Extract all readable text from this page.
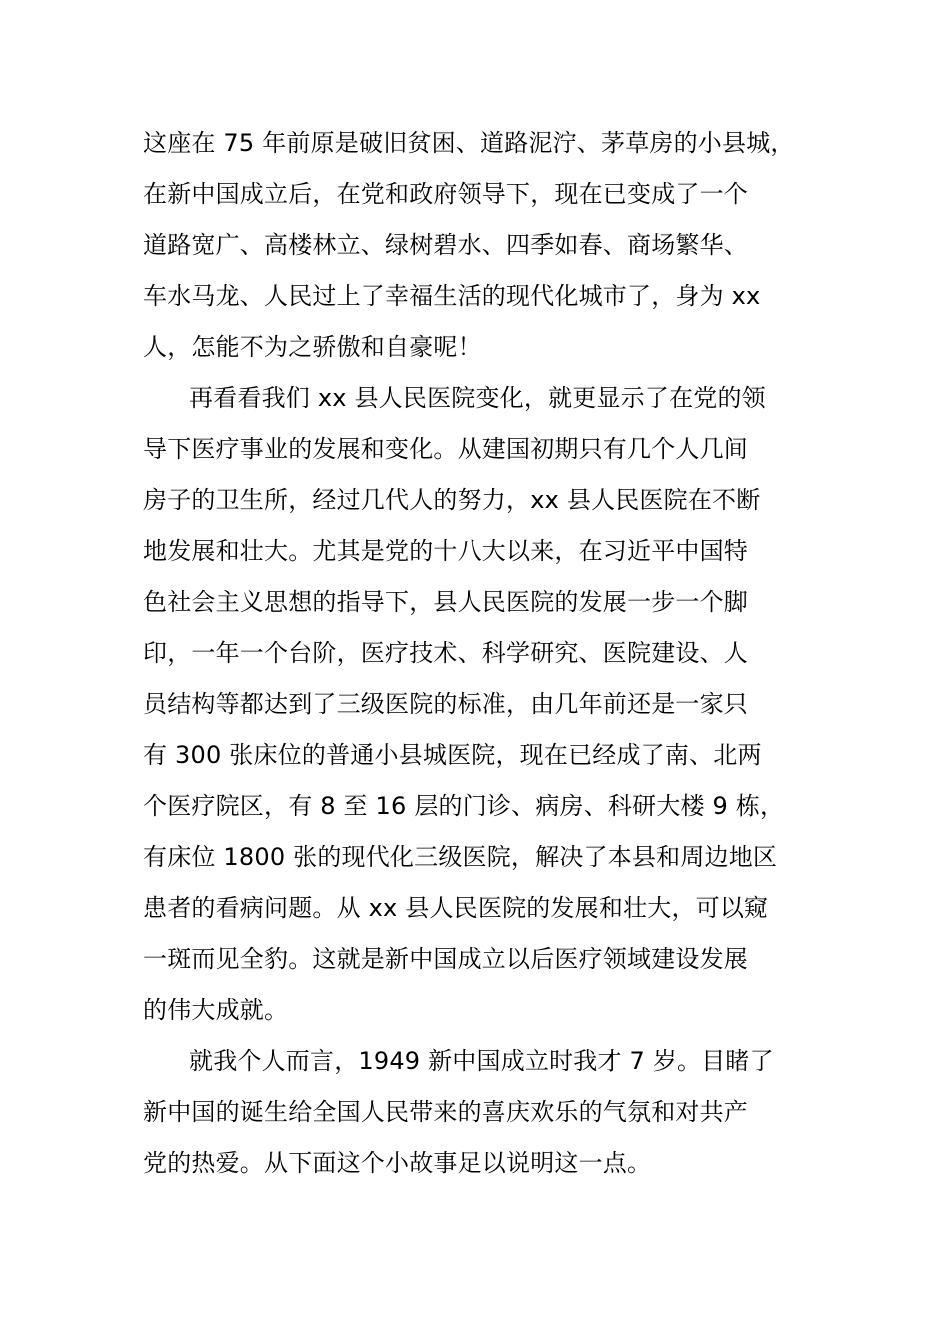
这座在 75 年前原是破旧贫困、道路泥泞、茅草房的小县城，
在新中国成立后，在党和政府领导下，现在已变成了一个
道路宽广、高楼林立、绿树碧水、四季如春、商场繁华、
车水马龙、人民过上了幸福生活的现代化城市了，身为 xx
人，怎能不为之骄傲和自豪呢！
再看看我们 xx 县人民医院变化，就更显示了在党的领
导下医疗事业的发展和变化。从建国初期只有几个人几间
房子的卫生所，经过几代人的努力，xx 县人民医院在不断
地发展和壮大。尤其是党的十八大以来，在习近平中国特
色社会主义思想的指导下，县人民医院的发展一步一个脚
印，一年一个台阶，医疗技术、科学研究、医院建设、人
员结构等都达到了三级医院的标准，由几年前还是一家只
有 300 张床位的普通小县城医院，现在已经成了南、北两
个医疗院区，有 8 至 16 层的门诊、病房、科研大楼 9 栋，
有床位 1800 张的现代化三级医院，解决了本县和周边地区
患者的看病问题。从 xx 县人民医院的发展和壮大，可以窥
一斑而见全豹。这就是新中国成立以后医疗领域建设发展
的伟大成就。
就我个人而言，1949 新中国成立时我才 7 岁。目睹了
新中国的诞生给全国人民带来的喜庆欢乐的气氛和对共产
党的热爱。从下面这个小故事足以说明这一点。
